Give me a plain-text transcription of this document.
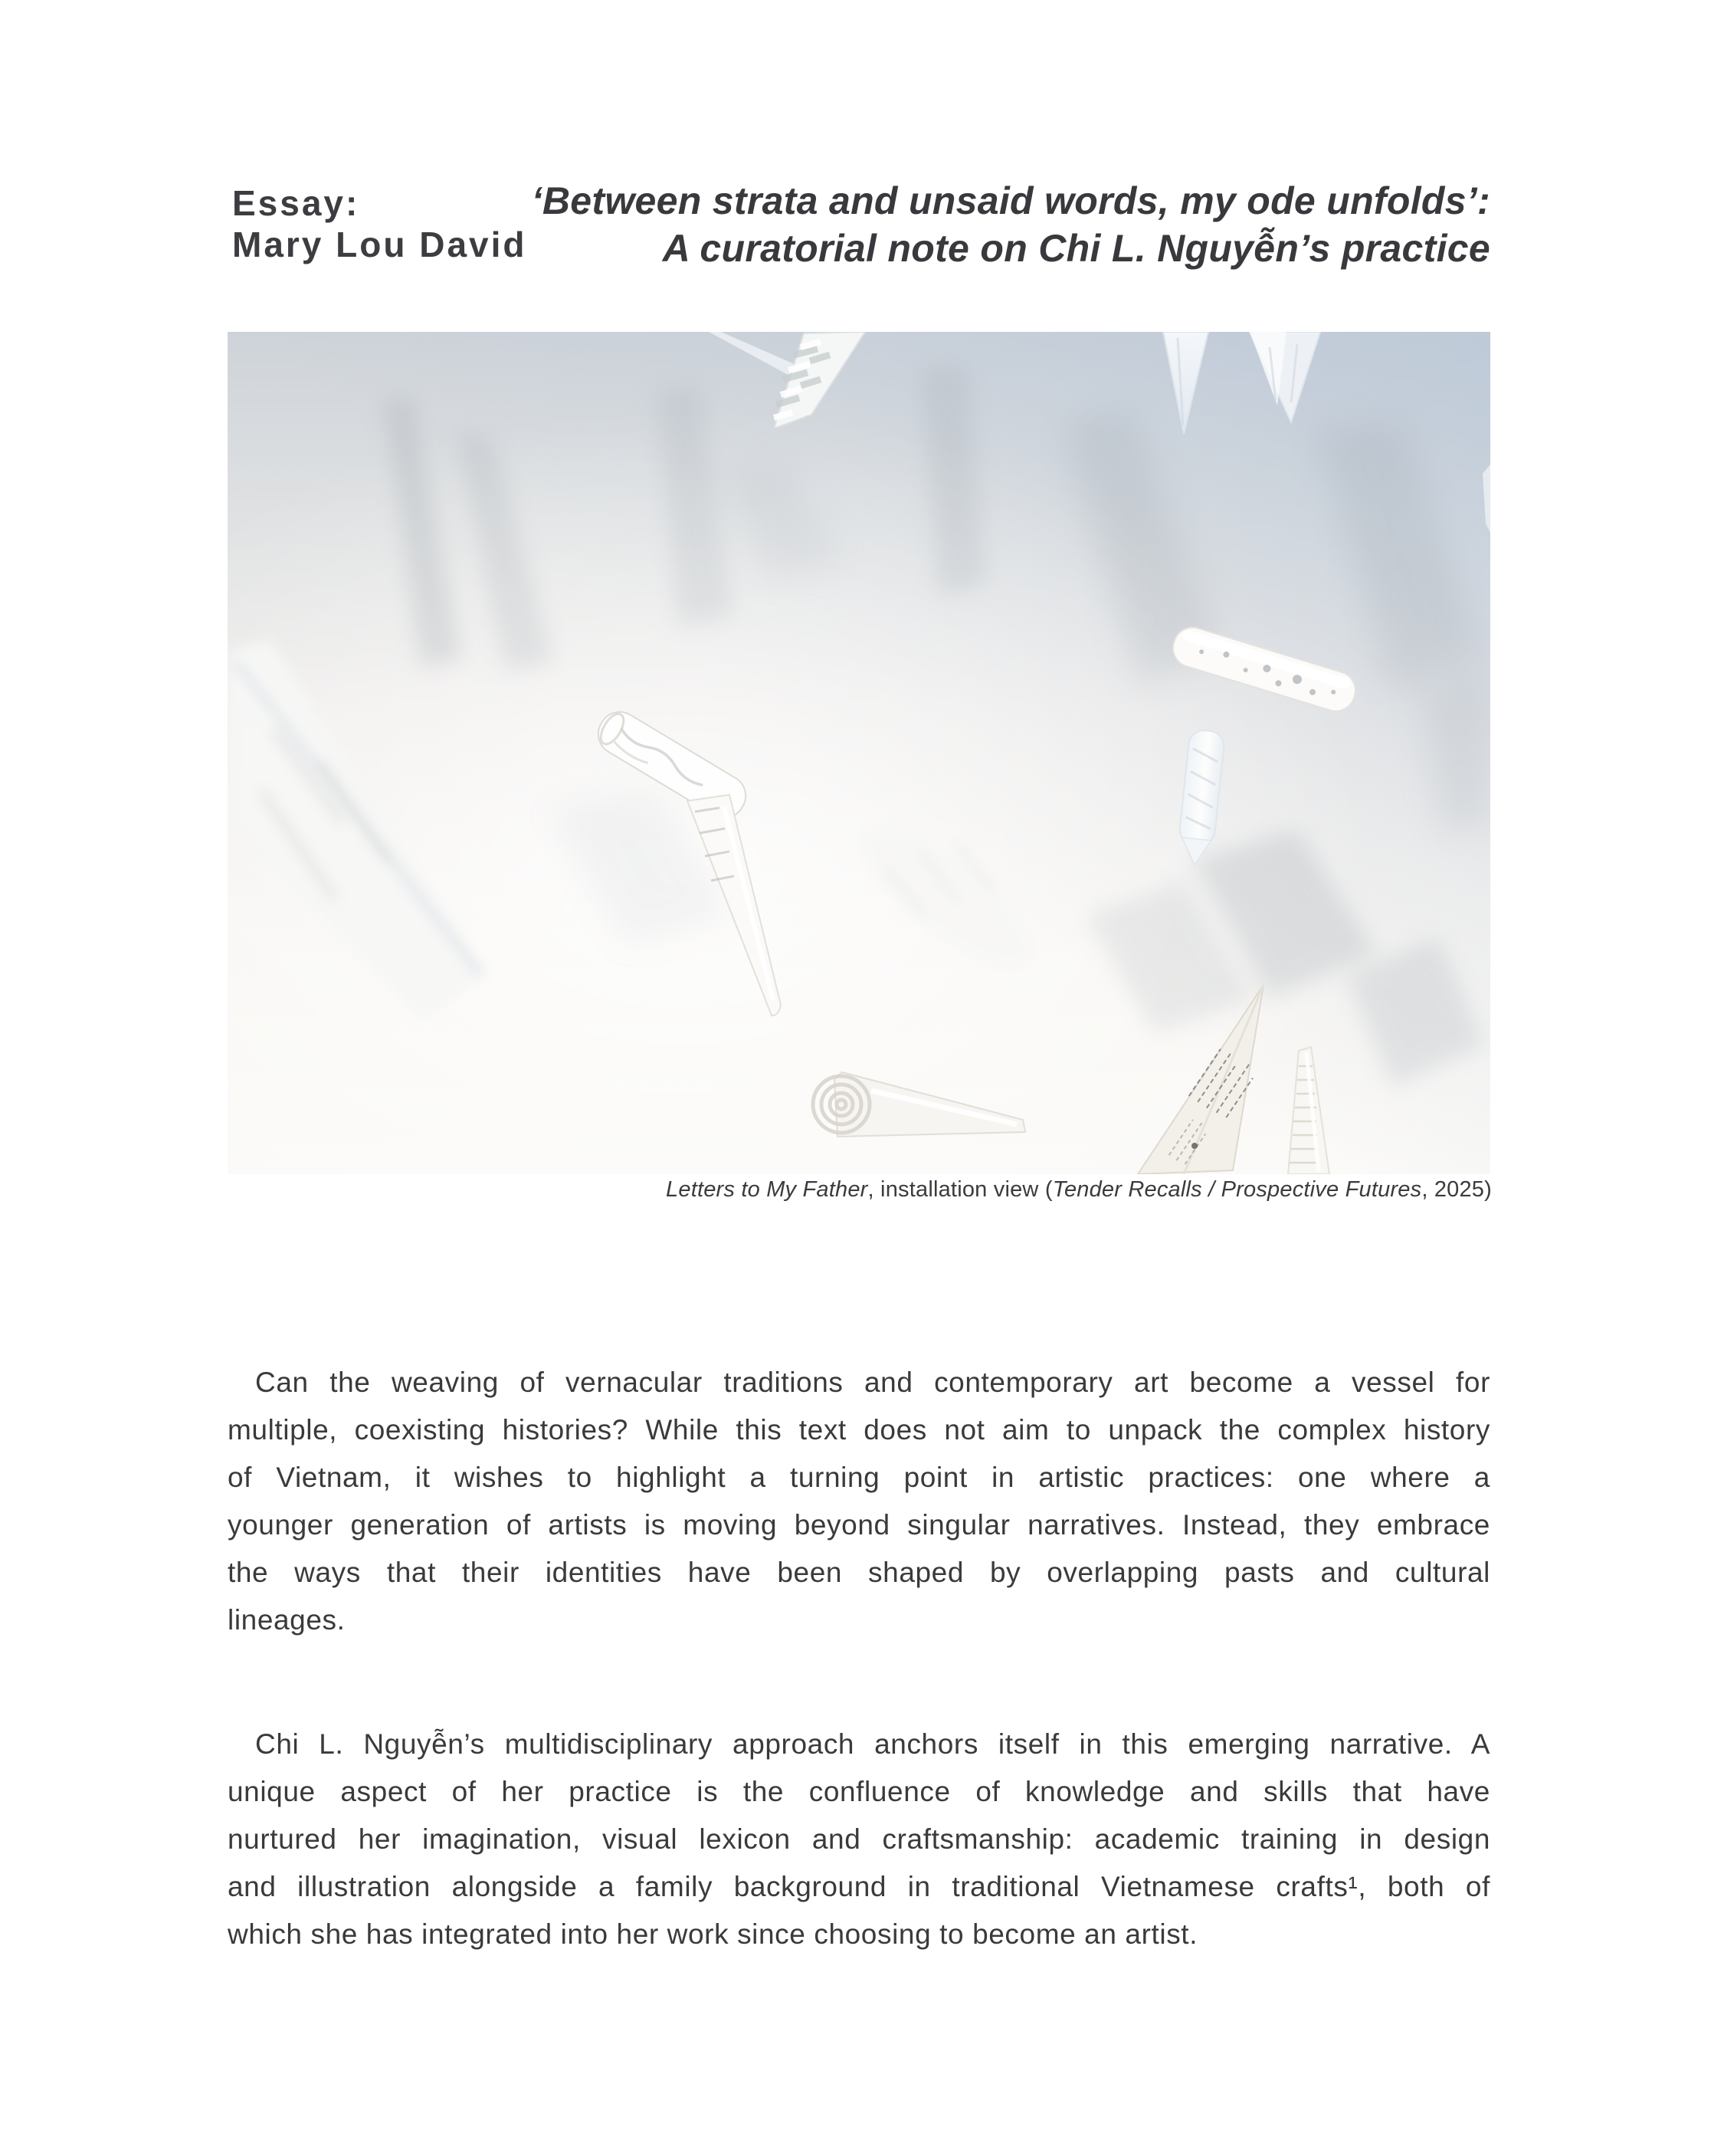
Essay:
Mary Lou David
‘Between strata and unsaid words, my ode unfolds’:
A curatorial note on Chi L. Nguyễn’s practice
Letters to My Father, installation view (Tender Recalls / Prospective Futures, 2025)
Can the weaving of vernacular traditions and contemporary art become a vessel for
multiple, coexisting histories? While this text does not aim to unpack the complex history
of Vietnam, it wishes to highlight a turning point in artistic practices: one where a
younger generation of artists is moving beyond singular narratives. Instead, they embrace
the ways that their identities have been shaped by overlapping pasts and cultural
lineages.
Chi L. Nguyễn’s multidisciplinary approach anchors itself in this emerging narrative. A
unique aspect of her practice is the confluence of knowledge and skills that have
nurtured her imagination, visual lexicon and craftsmanship: academic training in design
and illustration alongside a family background in traditional Vietnamese crafts¹, both of
which she has integrated into her work since choosing to become an artist.
